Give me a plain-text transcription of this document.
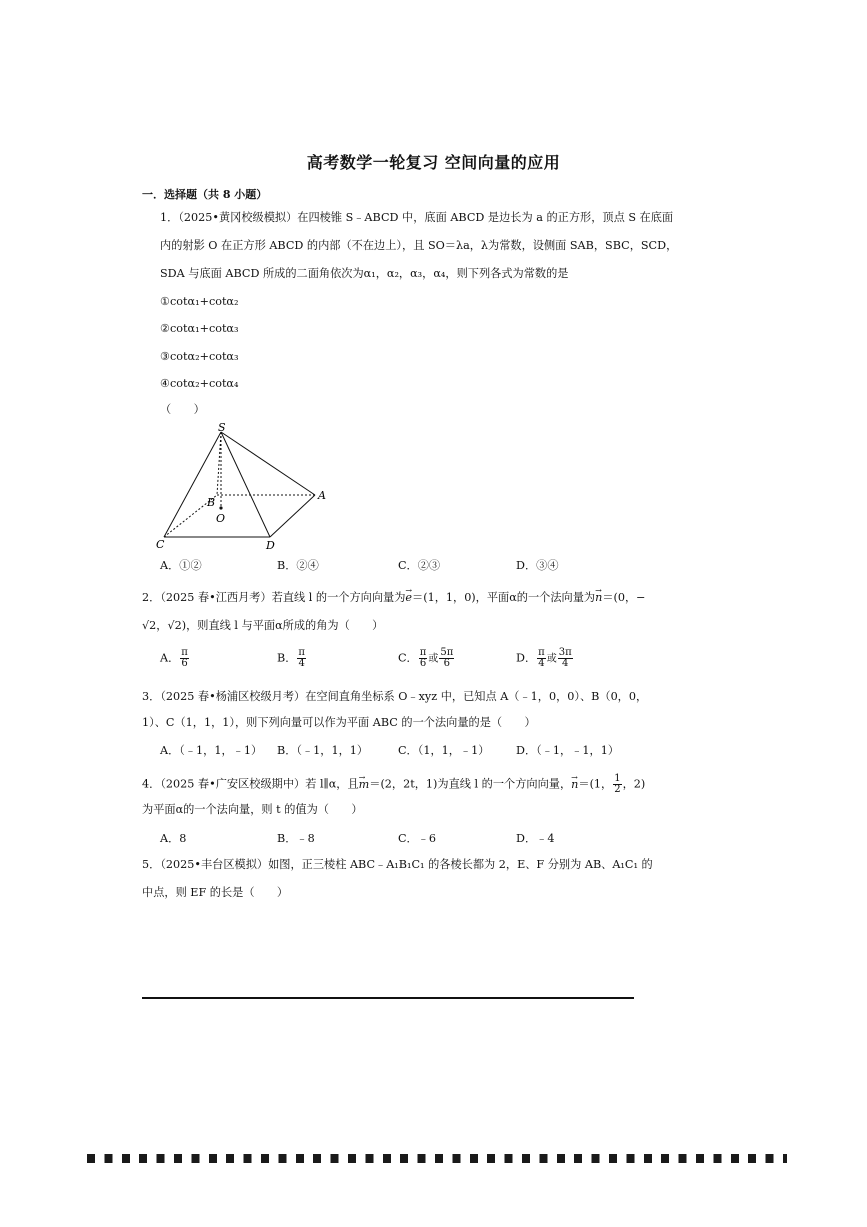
高考数学一轮复习 空间向量的应用
一．选择题（共 8 小题）
1．（2025•黄冈校级模拟）在四棱锥 S﹣ABCD 中，底面 ABCD 是边长为 a 的正方形，顶点 S 在底面
内的射影 O 在正方形 ABCD 的内部（不在边上），且 SO＝λa，λ为常数，设侧面 SAB，SBC，SCD，
SDA 与底面 ABCD 所成的二面角依次为α₁，α₂，α₃，α₄，则下列各式为常数的是
①cotα₁+cotα₂
②cotα₁+cotα₃
③cotα₂+cotα₃
④cotα₂+cotα₄
（　　）
S
A
B
O
C	D
A．①②	B．②④	C．②③	D．③④
2．（2025 春•江西月考）若直线 l 的一个方向向量为→ e＝(1，1，0)，平面α的一个法向量为→ n＝(0，−
√2，√2)，则直线 l 与平面α所成的角为（　　）
A． $\frac{\pi}{6}$	B． $\frac{\pi}{4}$	C． $\frac{\pi}{6}$ 或 $\frac{5\pi}{6}$	D． $\frac{\pi}{4}$ 或 $\frac{3\pi}{4}$
3．（2025 春•杨浦区校级月考）在空间直角坐标系 O﹣xyz 中，已知点 A（﹣1，0，0）、B（0，0，
1）、C（1，1，1），则下列向量可以作为平面 ABC 的一个法向量的是（　　）
A．（﹣1，1，﹣1） B．（﹣1，1，1）	C．（1，1，﹣1） D．（﹣1，﹣1，1）
4．（2025 春•广安区校级期中）若 l∥α，且→ m＝(2，2t，1)为直线 l 的一个方向向量，→ n＝(1， $\frac{1}{2}$ ，2)
为平面α的一个法向量，则 t 的值为（　　）
A．8	B．﹣8	C．﹣6	D．﹣4
5．（2025•丰台区模拟）如图，正三棱柱 ABC﹣A₁B₁C₁ 的各棱长都为 2，E、F 分别为 AB、A₁C₁ 的
中点，则 EF 的长是（　　）
